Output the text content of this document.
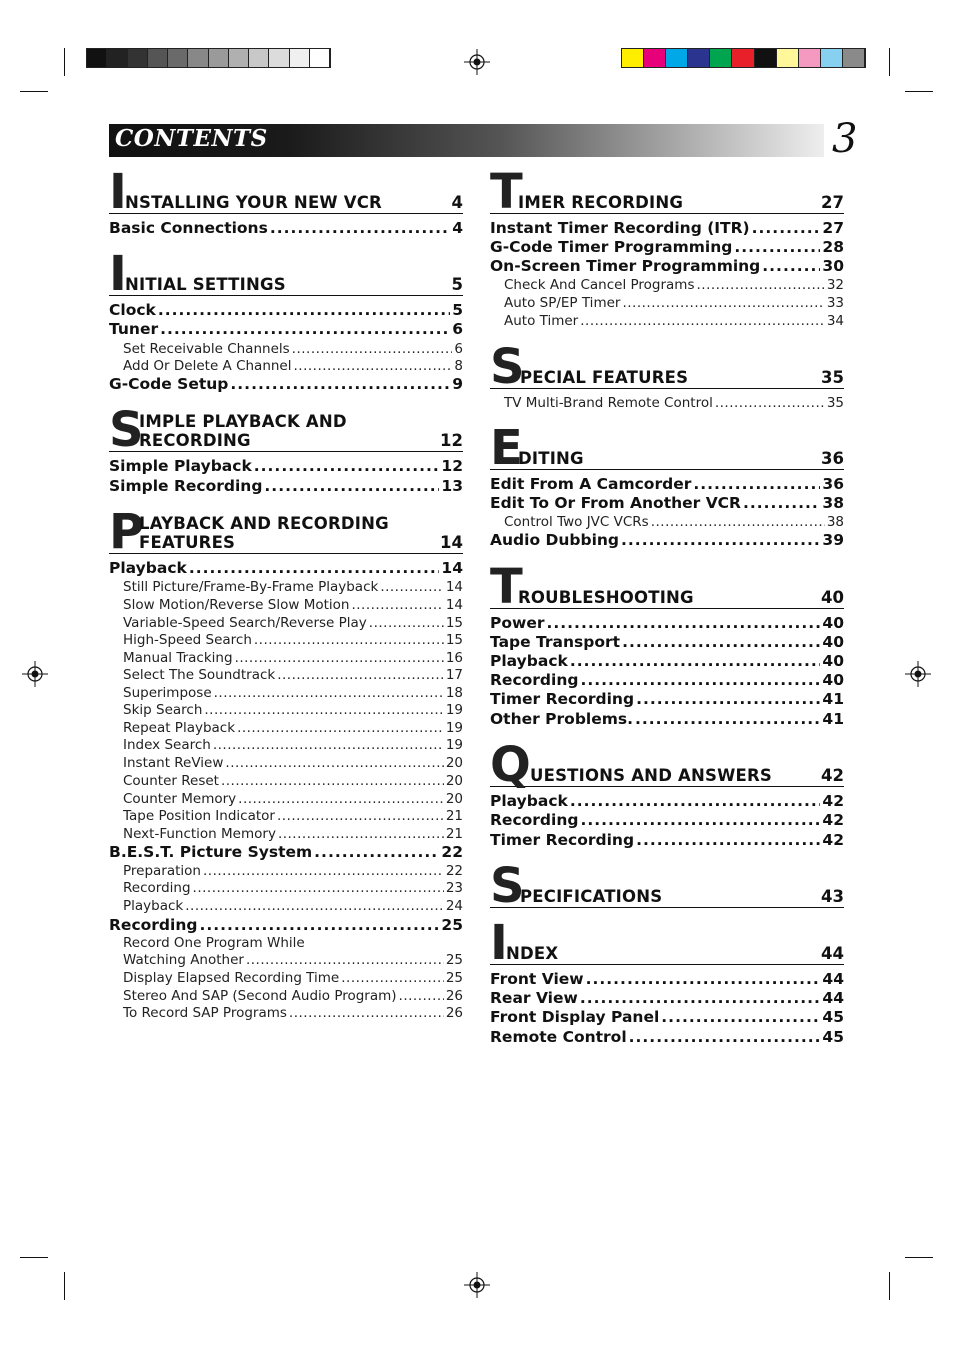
CONTENTS	3
I
NSTALLING YOUR NEW VCR	4
Basic Connections .....	4
I
NITIAL SETTINGS	5
Clock .....	5
Tuner .....	6
Set Receivable Channels .....	6
Add Or Delete A Channel .....	8
G-Code Setup .....	9
S
IMPLE PLAYBACK AND
RECORDING	12
Simple Playback .....	12
Simple Recording .....	13
P
LAYBACK AND RECORDING
FEATURES	14
Playback .....	14
Still Picture/Frame-By-Frame Playback .....	14
Slow Motion/Reverse Slow Motion .....	14
Variable-Speed Search/Reverse Play .....	15
High-Speed Search .....	15
Manual Tracking .....	16
Select The Soundtrack .....	17
Superimpose .....	18
Skip Search .....	19
Repeat Playback .....	19
Index Search .....	19
Instant ReView .....	20
Counter Reset .....	20
Counter Memory .....	20
Tape Position Indicator .....	21
Next-Function Memory .....	21
B.E.S.T. Picture System .....	22
Preparation .....	22
Recording .....	23
Playback .....	24
Recording .....	25
Record One Program While
Watching Another .....	25
Display Elapsed Recording Time .....	25
Stereo And SAP (Second Audio Program) .....	26
To Record SAP Programs .....	26
T
IMER RECORDING	27
Instant Timer Recording (ITR) .....	27
G-Code Timer Programming .....	28
On-Screen Timer Programming .....	30
Check And Cancel Programs .....	32
Auto SP/EP Timer .....	33
Auto Timer .....	34
S
PECIAL FEATURES	35
TV Multi-Brand Remote Control .....	35
E
DITING	36
Edit From A Camcorder .....	36
Edit To Or From Another VCR .....	38
Control Two JVC VCRs .....	38
Audio Dubbing .....	39
T
ROUBLESHOOTING	40
Power .....	40
Tape Transport .....	40
Playback .....	40
Recording .....	40
Timer Recording .....	41
Other Problems. .....	41
Q UESTIONS AND ANSWERS	42
Playback .....	42
Recording .....	42
Timer Recording .....	42
S
PECIFICATIONS	43
I
NDEX	44
Front View .....	44
Rear View .....	44
Front Display Panel .....	45
Remote Control .....	45
